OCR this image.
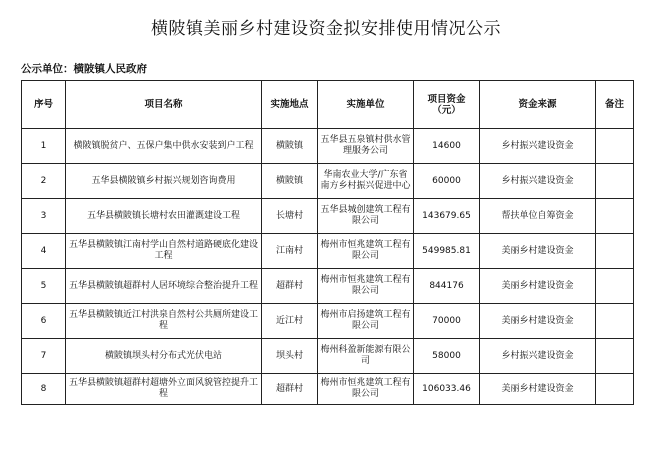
横陂镇美丽乡村建设资金拟安排使用情况公示
公示单位：横陂镇人民政府
序号	项目名称	实施地点	实施单位	项目资金（元）	资金来源	备注
1	横陂镇脱贫户、五保户集中供水安装到户工程	横陂镇	五华县五泉镇村供水管理服务公司	14600	乡村振兴建设资金	
2	五华县横陂镇乡村振兴规划咨询费用	横陂镇	华南农业大学/广东省南方乡村振兴促进中心	60000	乡村振兴建设资金	
3	五华县横陂镇长塘村农田灌溉建设工程	长塘村	五华县城创建筑工程有限公司	143679.65	帮扶单位自筹资金	
4	五华县横陂镇江南村学山自然村道路硬底化建设工程	江南村	梅州市恒兆建筑工程有限公司	549985.81	美丽乡村建设资金	
5	五华县横陂镇超群村人居环境综合整治提升工程	超群村	梅州市恒兆建筑工程有限公司	844176	美丽乡村建设资金	
6	五华县横陂镇近江村洪泉自然村公共厕所建设工程	近江村	梅州市启扬建筑工程有限公司	70000	美丽乡村建设资金	
7	横陂镇坝头村分布式光伏电站	坝头村	梅州科盈新能源有限公司	58000	乡村振兴建设资金	
8	五华县横陂镇超群村超塘外立面风貌管控提升工程	超群村	梅州市恒兆建筑工程有限公司	106033.46	美丽乡村建设资金	
